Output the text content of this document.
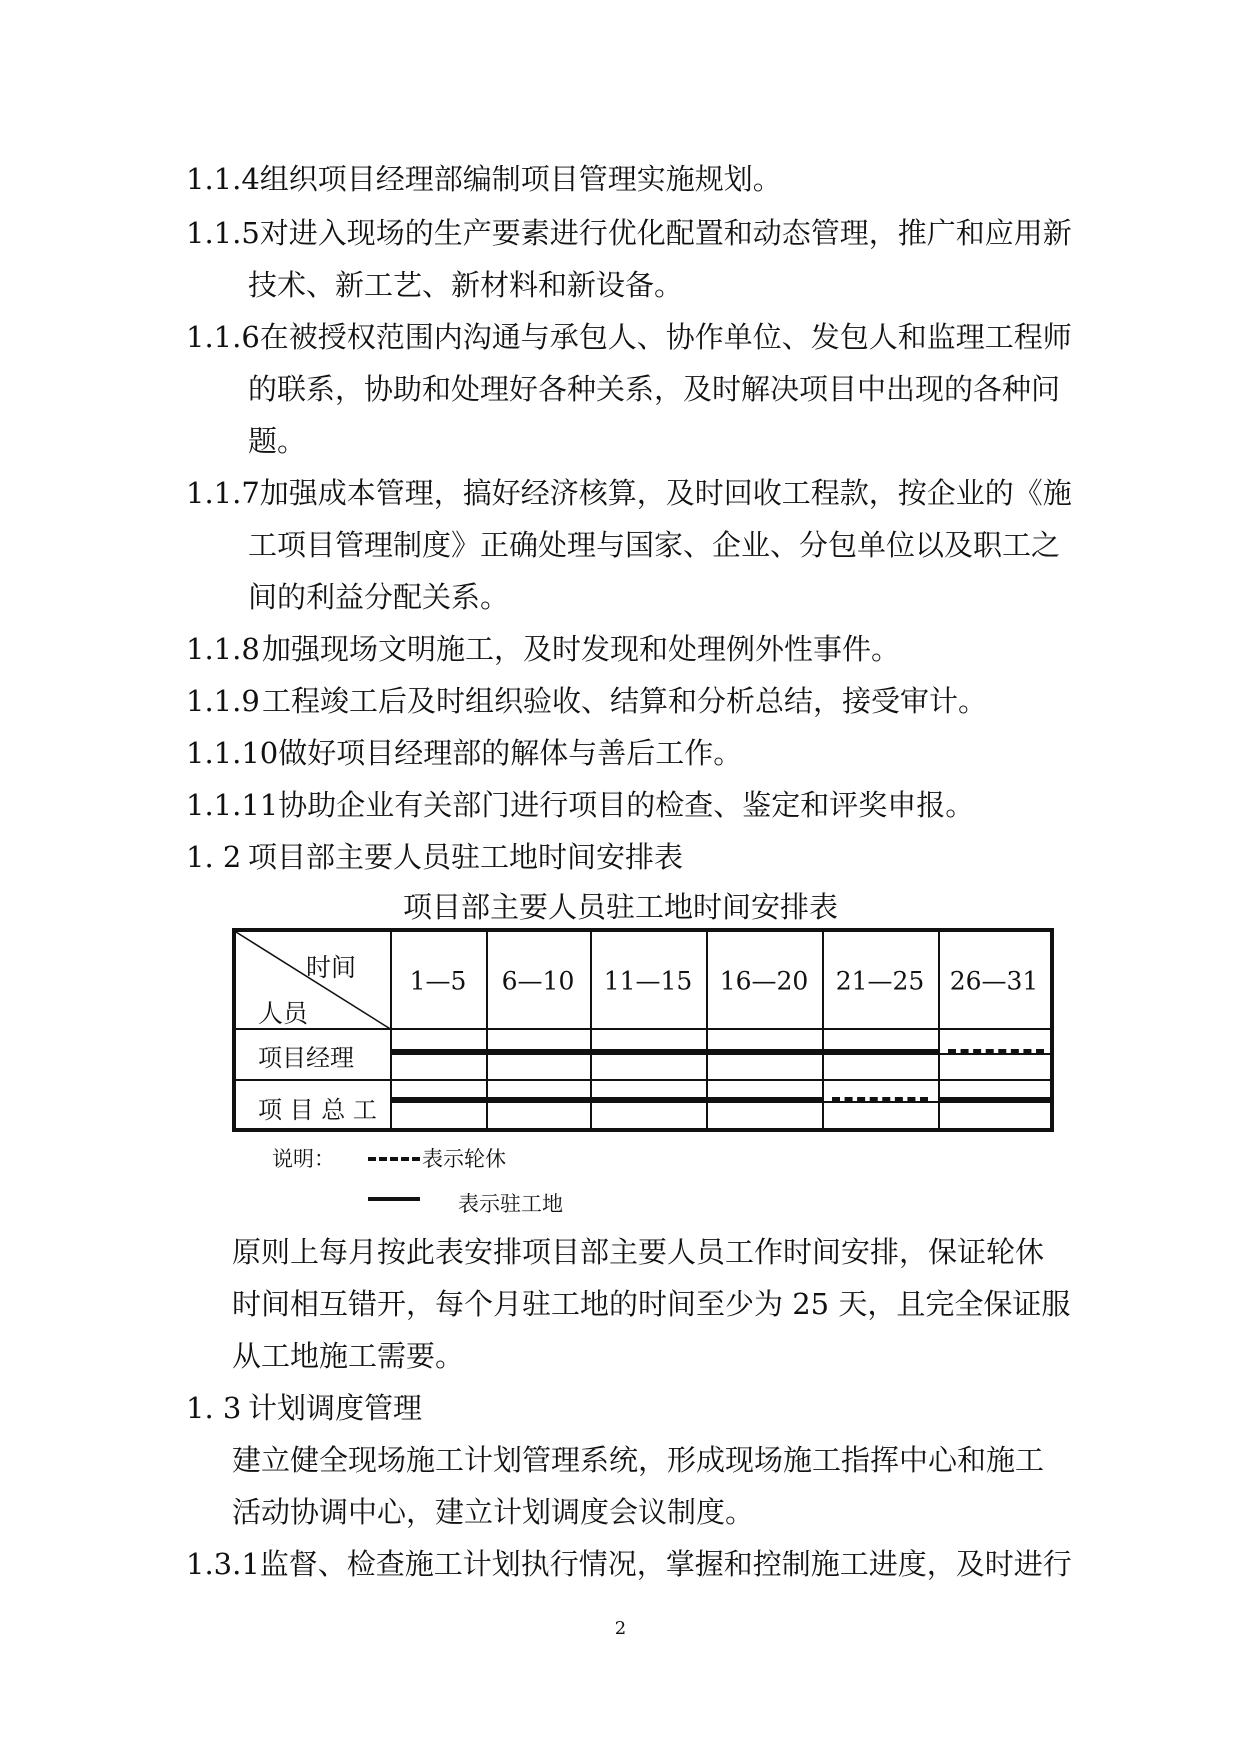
1.1.4组织项目经理部编制项目管理实施规划。
1.1.5对进入现场的生产要素进行优化配置和动态管理，推广和应用新
技术、新工艺、新材料和新设备。
1.1.6在被授权范围内沟通与承包人、协作单位、发包人和监理工程师
的联系，协助和处理好各种关系，及时解决项目中出现的各种问
题。
1.1.7加强成本管理，搞好经济核算，及时回收工程款，按企业的《施
工项目管理制度》正确处理与国家、企业、分包单位以及职工之
间的利益分配关系。
1.1.8加强现场文明施工，及时发现和处理例外性事件。
1.1.9工程竣工后及时组织验收、结算和分析总结，接受审计。
1.1.10做好项目经理部的解体与善后工作。
1.1.11协助企业有关部门进行项目的检查、鉴定和评奖申报。
1. 2 项目部主要人员驻工地时间安排表
项目部主要人员驻工地时间安排表
时间
人员
1—5 6—10 11—15 16—20 21—25 26—31
项目经理
项 目 总 工
说明：	表示轮休
表示驻工地
原则上每月按此表安排项目部主要人员工作时间安排，保证轮休
时间相互错开，每个月驻工地的时间至少为 25 天，且完全保证服
从工地施工需要。
1. 3 计划调度管理
建立健全现场施工计划管理系统，形成现场施工指挥中心和施工
活动协调中心，建立计划调度会议制度。
1.3.1监督、检查施工计划执行情况，掌握和控制施工进度，及时进行
2
